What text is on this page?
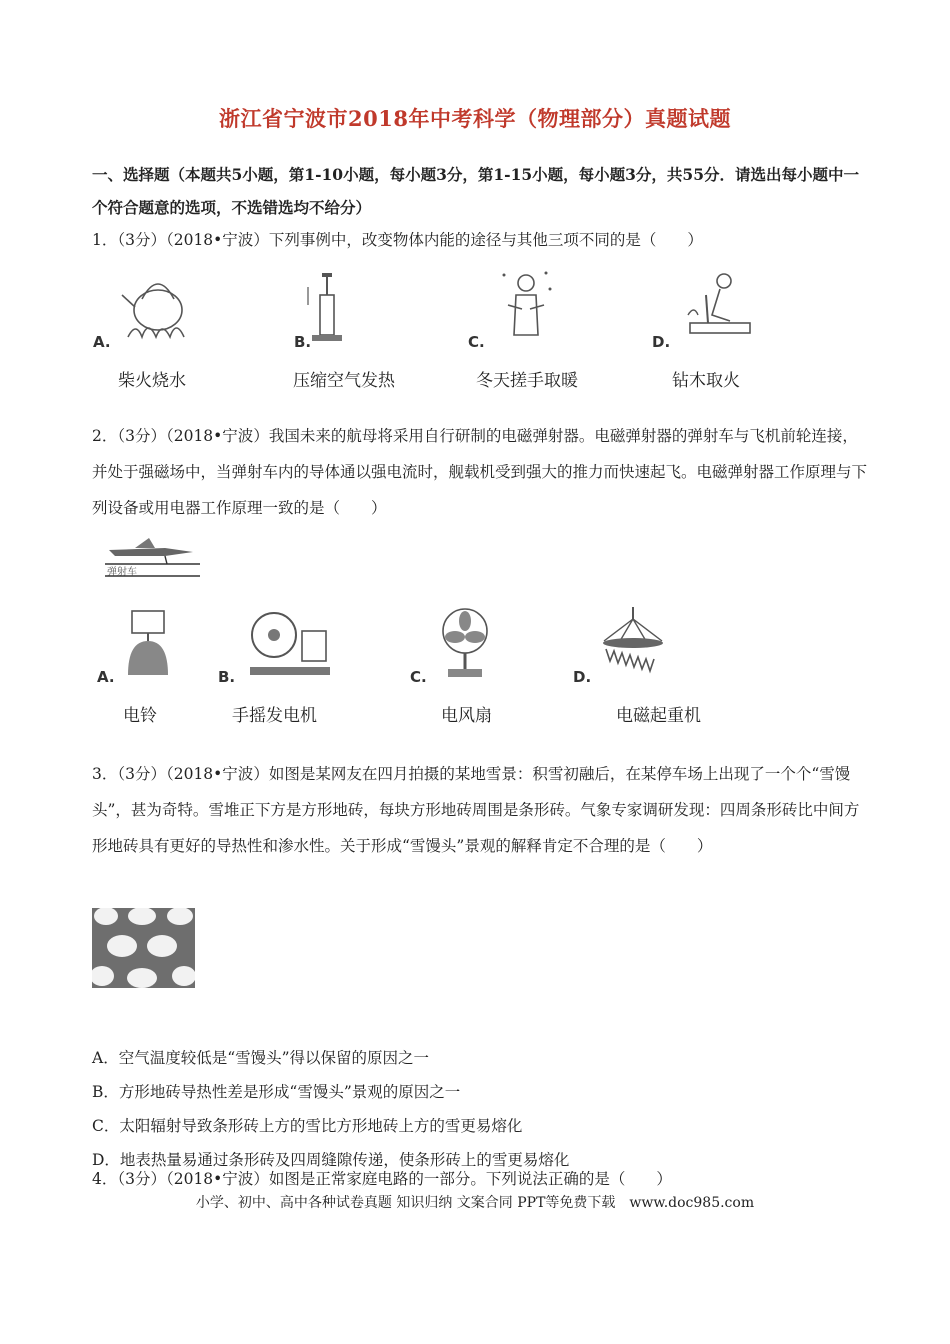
浙江省宁波市2018年中考科学（物理部分）真题试题
一、选择题（本题共5小题，第1-10小题，每小题3分，第1-15小题，每小题3分，共55分．请选出每小题中一个符合题意的选项，不选错选均不给分）
1．（3分）（2018•宁波）下列事例中，改变物体内能的途径与其他三项不同的是（　　）
A.	B.	C.	D.
柴火烧水	压缩空气发热	冬天搓手取暖	钻木取火
2．（3分）（2018•宁波）我国未来的航母将采用自行研制的电磁弹射器。电磁弹射器的弹射车与飞机前轮连接，并处于强磁场中，当弹射车内的导体通以强电流时，舰载机受到强大的推力而快速起飞。电磁弹射器工作原理与下列设备或用电器工作原理一致的是（　　）
弹射车
A.	B.	C.	D.
电铃	手摇发电机	电风扇	电磁起重机
3．（3分）（2018•宁波）如图是某网友在四月拍摄的某地雪景：积雪初融后，在某停车场上出现了一个个“雪馒头”，甚为奇特。雪堆正下方是方形地砖，每块方形地砖周围是条形砖。气象专家调研发现：四周条形砖比中间方形地砖具有更好的导热性和渗水性。关于形成“雪馒头”景观的解释肯定不合理的是（　　）
A．空气温度较低是“雪馒头”得以保留的原因之一
B．方形地砖导热性差是形成“雪馒头”景观的原因之一
C．太阳辐射导致条形砖上方的雪比方形地砖上方的雪更易熔化
D．地表热量易通过条形砖及四周缝隙传递，使条形砖上的雪更易熔化
4．（3分）（2018•宁波）如图是正常家庭电路的一部分。下列说法正确的是（　　）
小学、初中、高中各种试卷真题 知识归纳 文案合同 PPT等免费下载　www.doc985.com
